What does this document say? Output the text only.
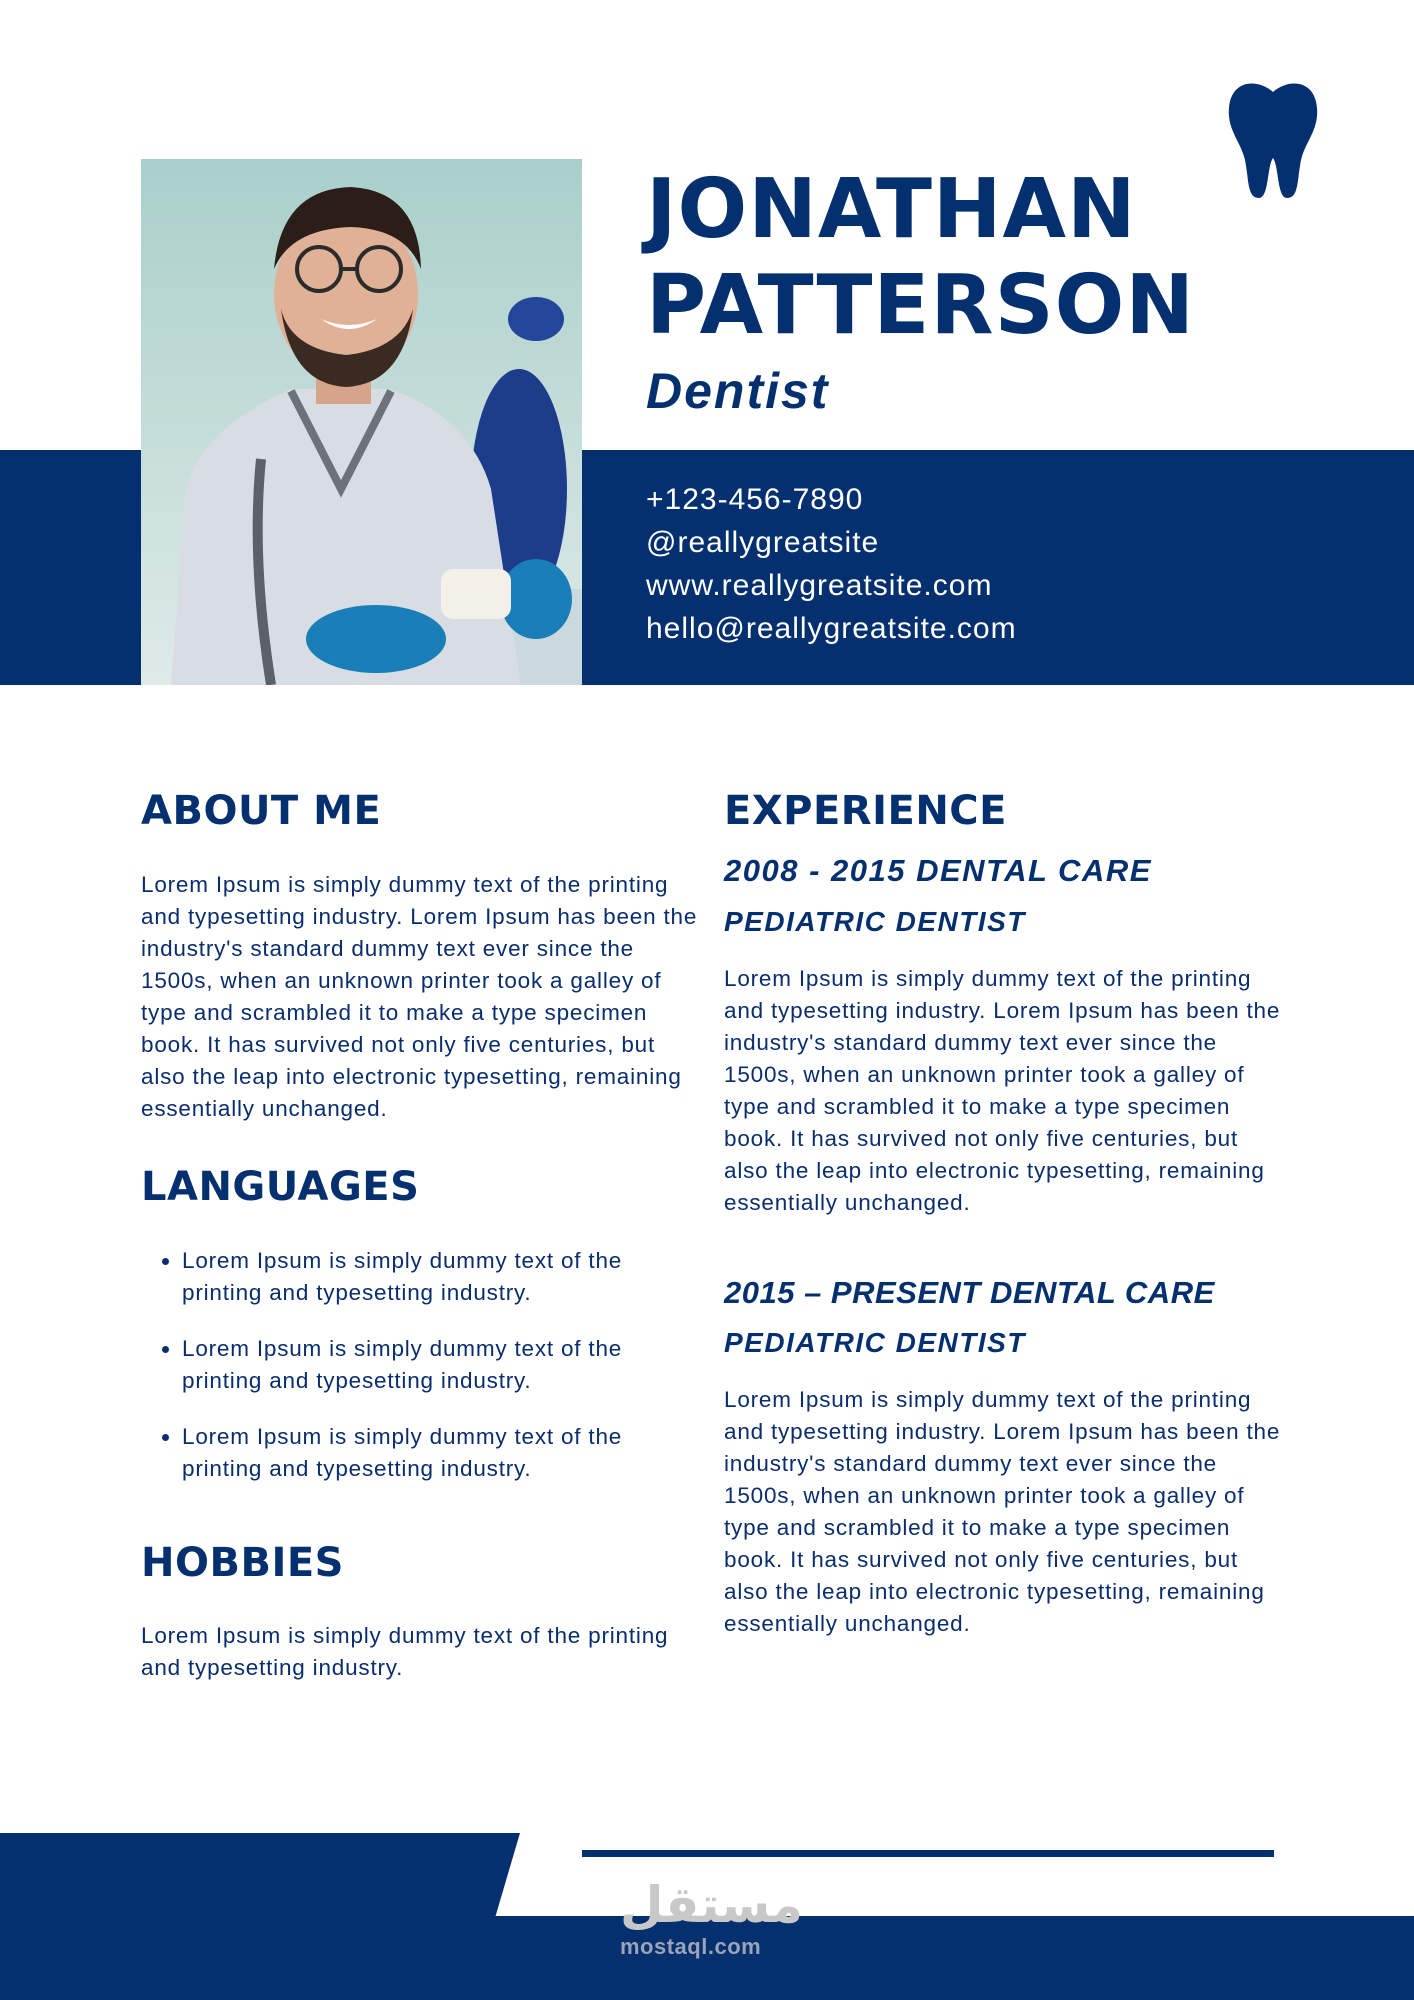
JONATHAN
PATTERSON
Dentist
+123-456-7890
@reallygreatsite
www.reallygreatsite.com
hello@reallygreatsite.com
ABOUT ME

Lorem Ipsum is simply dummy text of the printing and typesetting industry. Lorem Ipsum has been the industry's standard dummy text ever since the 1500s, when an unknown printer took a galley of type and scrambled it to make a type specimen book. It has survived not only five centuries, but also the leap into electronic typesetting, remaining essentially unchanged.

LANGUAGES
• Lorem Ipsum is simply dummy text of the printing and typesetting industry.
• Lorem Ipsum is simply dummy text of the printing and typesetting industry.
• Lorem Ipsum is simply dummy text of the printing and typesetting industry.
HOBBIES

Lorem Ipsum is simply dummy text of the printing and typesetting industry.

EXPERIENCE
2008 - 2015 DENTAL CARE
PEDIATRIC DENTIST

Lorem Ipsum is simply dummy text of the printing and typesetting industry. Lorem Ipsum has been the industry's standard dummy text ever since the 1500s, when an unknown printer took a galley of type and scrambled it to make a type specimen book. It has survived not only five centuries, but also the leap into electronic typesetting, remaining essentially unchanged.

2015 – PRESENT DENTAL CARE
PEDIATRIC DENTIST

Lorem Ipsum is simply dummy text of the printing and typesetting industry. Lorem Ipsum has been the industry's standard dummy text ever since the 1500s, when an unknown printer took a galley of type and scrambled it to make a type specimen book. It has survived not only five centuries, but also the leap into electronic typesetting, remaining essentially unchanged.

مستقل
mostaql.com
